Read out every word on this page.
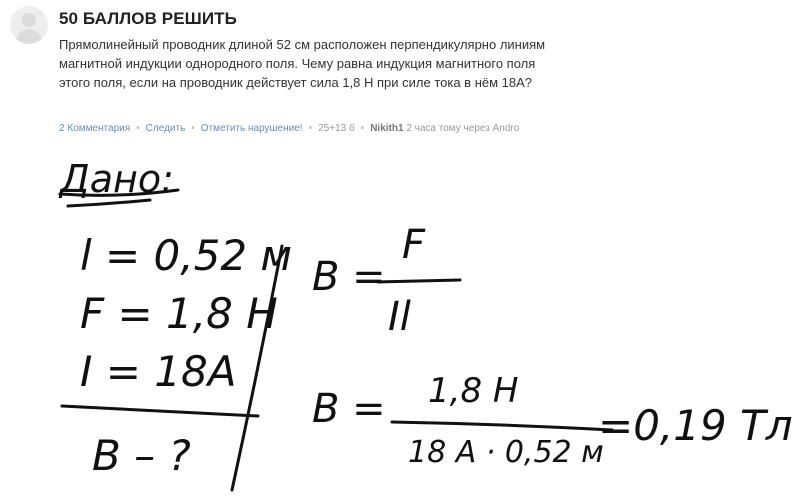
50 БАЛЛОВ РЕШИТЬ
Прямолинейный проводник длиной 52 см расположен перпендикулярно линиям магнитной индукции однородного поля. Чему равна индукция магнитного поля этого поля, если на проводник действует сила 1,8 Н при силе тока в нём 18А?
2 Комментария • Следить • Отметить нарушение! • 25+13 б • Nikith1 2 часа тому через Andro
Дано:
l = 0,52 м
F = 1,8 Н
I = 18А
B – ?
B =
F
Il
B = 1,8 Н
18 А · 0,52 м
=0,19 Тл
